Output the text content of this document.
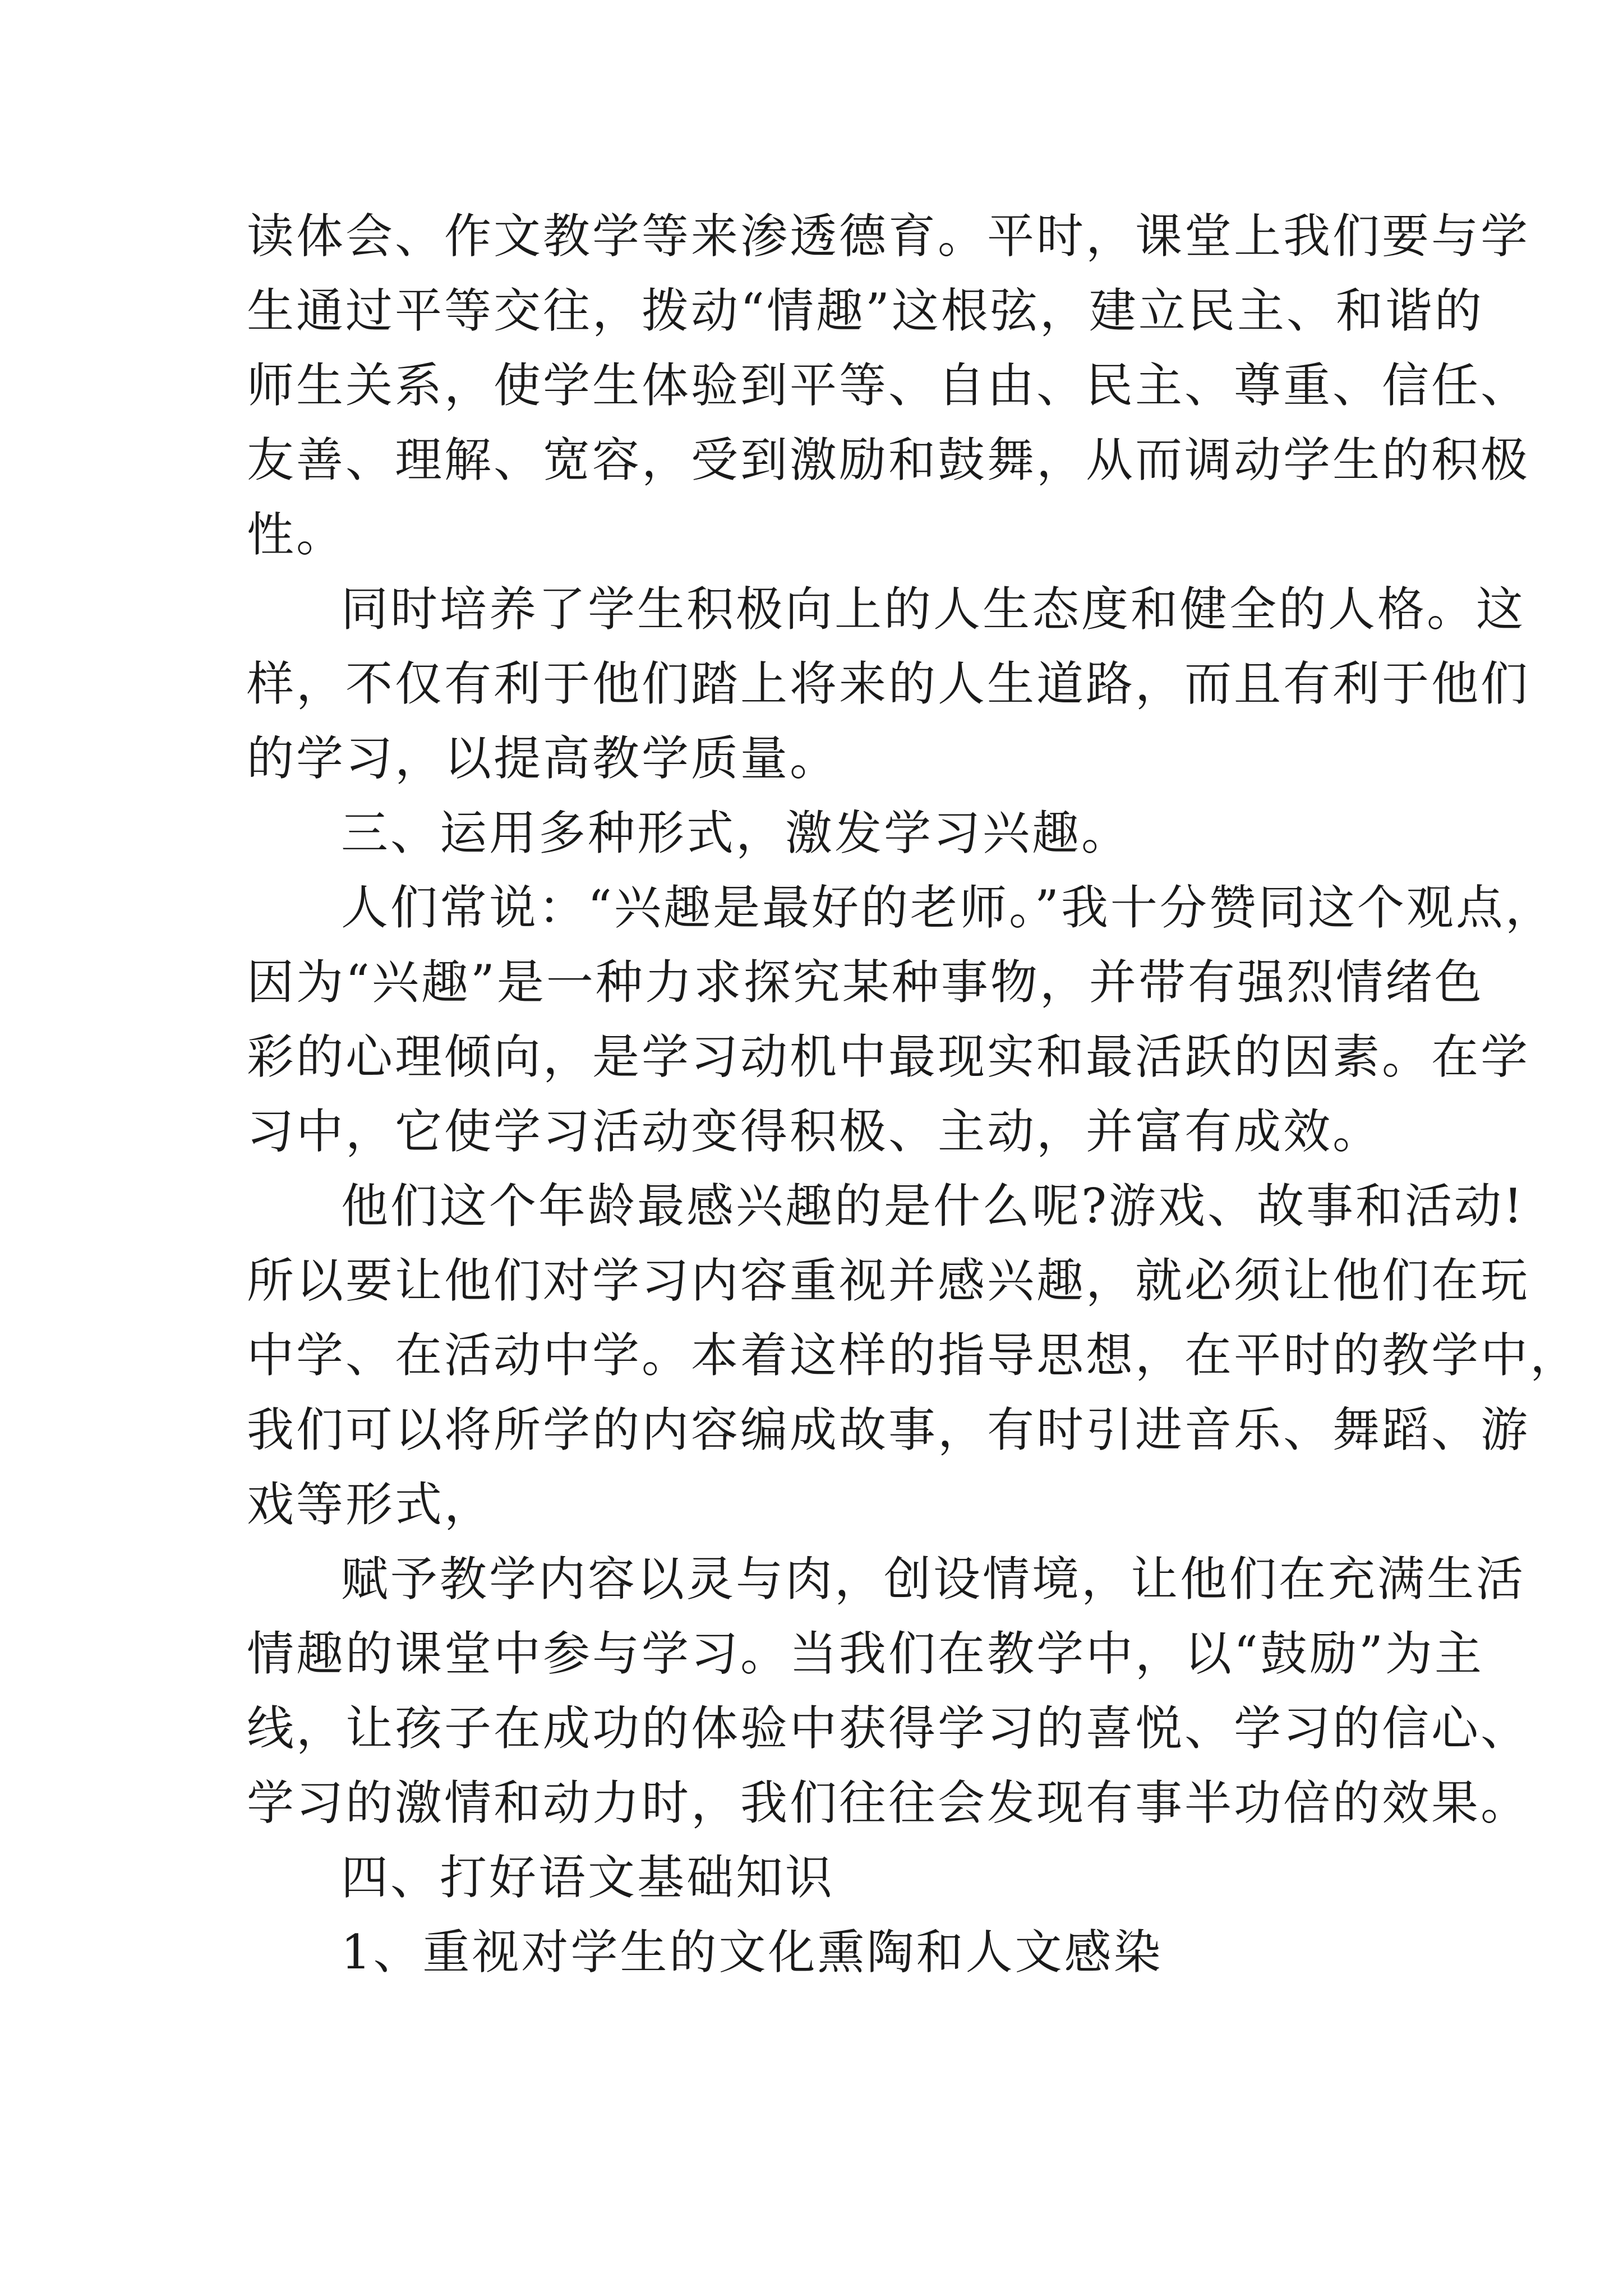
读体会、作文教学等来渗透德育。平时，课堂上我们要与学
生通过平等交往，拨动“情趣”这根弦，建立民主、和谐的
师生关系，使学生体验到平等、自由、民主、尊重、信任、
友善、理解、宽容，受到激励和鼓舞，从而调动学生的积极
性。
同时培养了学生积极向上的人生态度和健全的人格。这
样，不仅有利于他们踏上将来的人生道路，而且有利于他们
的学习，以提高教学质量。
三、运用多种形式，激发学习兴趣。
人们常说：“兴趣是最好的老师。”我十分赞同这个观点，
因为“兴趣”是一种力求探究某种事物，并带有强烈情绪色
彩的心理倾向，是学习动机中最现实和最活跃的因素。在学
习中，它使学习活动变得积极、主动，并富有成效。
他们这个年龄最感兴趣的是什么呢?游戏、故事和活动!
所以要让他们对学习内容重视并感兴趣，就必须让他们在玩
中学、在活动中学。本着这样的指导思想，在平时的教学中，
我们可以将所学的内容编成故事，有时引进音乐、舞蹈、游
戏等形式，
赋予教学内容以灵与肉，创设情境，让他们在充满生活
情趣的课堂中参与学习。当我们在教学中，以“鼓励”为主
线，让孩子在成功的体验中获得学习的喜悦、学习的信心、
学习的激情和动力时，我们往往会发现有事半功倍的效果。
四、打好语文基础知识
1、重视对学生的文化熏陶和人文感染
